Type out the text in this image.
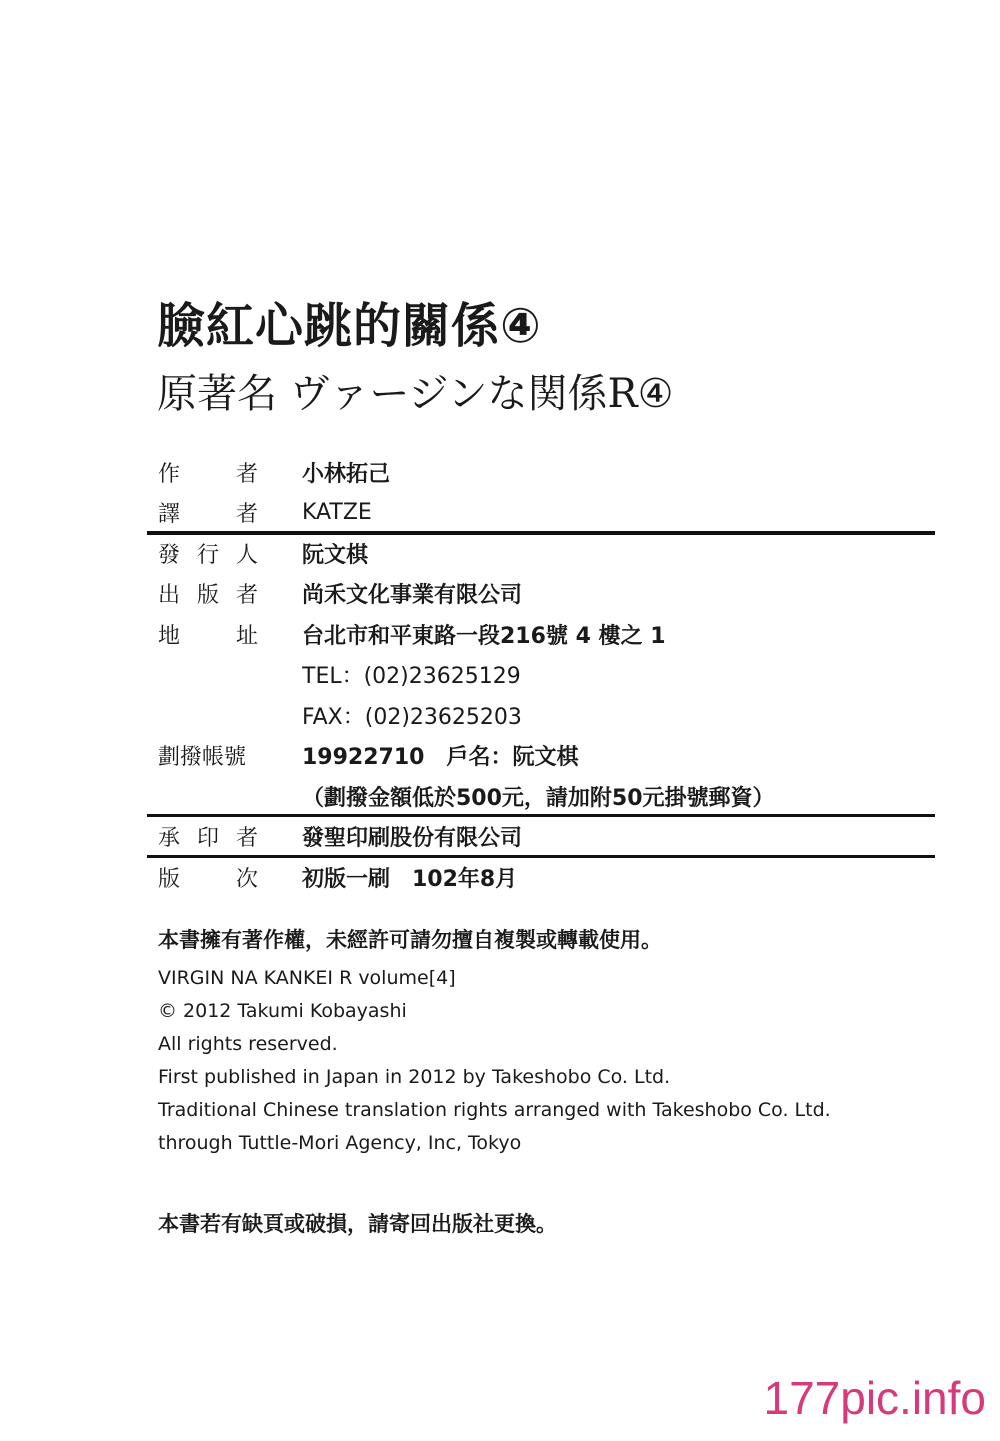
臉紅心跳的關係④
原著名 ヴァージンな関係R④
作	者 小林拓己
譯	者 KATZE
發 行 人 阮文棋
出 版 者 尚禾文化事業有限公司
地	址 台北市和平東路一段216號 4 樓之 1
TEL：(02)23625129
FAX：(02)23625203
劃撥帳號	19922710　戶名：阮文棋
（劃撥金額低於500元，請加附50元掛號郵資）
承 印 者 發聖印刷股份有限公司
版	次 初版一刷　102年8月
本書擁有著作權，未經許可請勿擅自複製或轉載使用。
VIRGIN NA KANKEI R volume[4]
© 2012 Takumi Kobayashi
All rights reserved.
First published in Japan in 2012 by Takeshobo Co. Ltd.
Traditional Chinese translation rights arranged with Takeshobo Co. Ltd.
through Tuttle-Mori Agency, Inc, Tokyo
本書若有缺頁或破損，請寄回出版社更換。
177pic.info
